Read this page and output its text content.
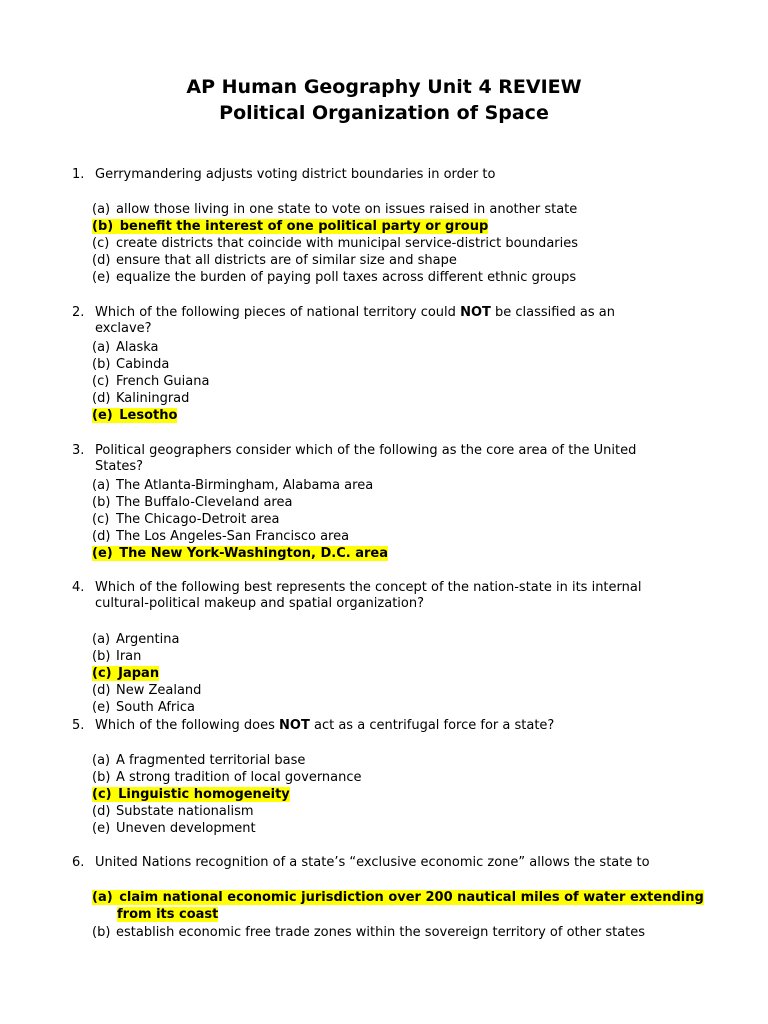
AP Human Geography Unit 4 REVIEW
Political Organization of Space
1. Gerrymandering adjusts voting district boundaries in order to
(a) allow those living in one state to vote on issues raised in another state
(b) benefit the interest of one political party or group
(c) create districts that coincide with municipal service-district boundaries
(d) ensure that all districts are of similar size and shape
(e) equalize the burden of paying poll taxes across different ethnic groups
2. Which of the following pieces of national territory could NOT be classified as an exclave?
(a) Alaska
(b) Cabinda
(c) French Guiana
(d) Kaliningrad
(e) Lesotho
3. Political geographers consider which of the following as the core area of the United States?
(a) The Atlanta-Birmingham, Alabama area
(b) The Buffalo-Cleveland area
(c) The Chicago-Detroit area
(d) The Los Angeles-San Francisco area
(e) The New York-Washington, D.C. area
4. Which of the following best represents the concept of the nation-state in its internal cultural-political makeup and spatial organization?
(a) Argentina
(b) Iran
(c) Japan
(d) New Zealand
(e) South Africa
5. Which of the following does NOT act as a centrifugal force for a state?
(a) A fragmented territorial base
(b) A strong tradition of local governance
(c) Linguistic homogeneity
(d) Substate nationalism
(e) Uneven development
6. United Nations recognition of a state’s “exclusive economic zone” allows the state to
(a) claim national economic jurisdiction over 200 nautical miles of water extending
from its coast
(b) establish economic free trade zones within the sovereign territory of other states
